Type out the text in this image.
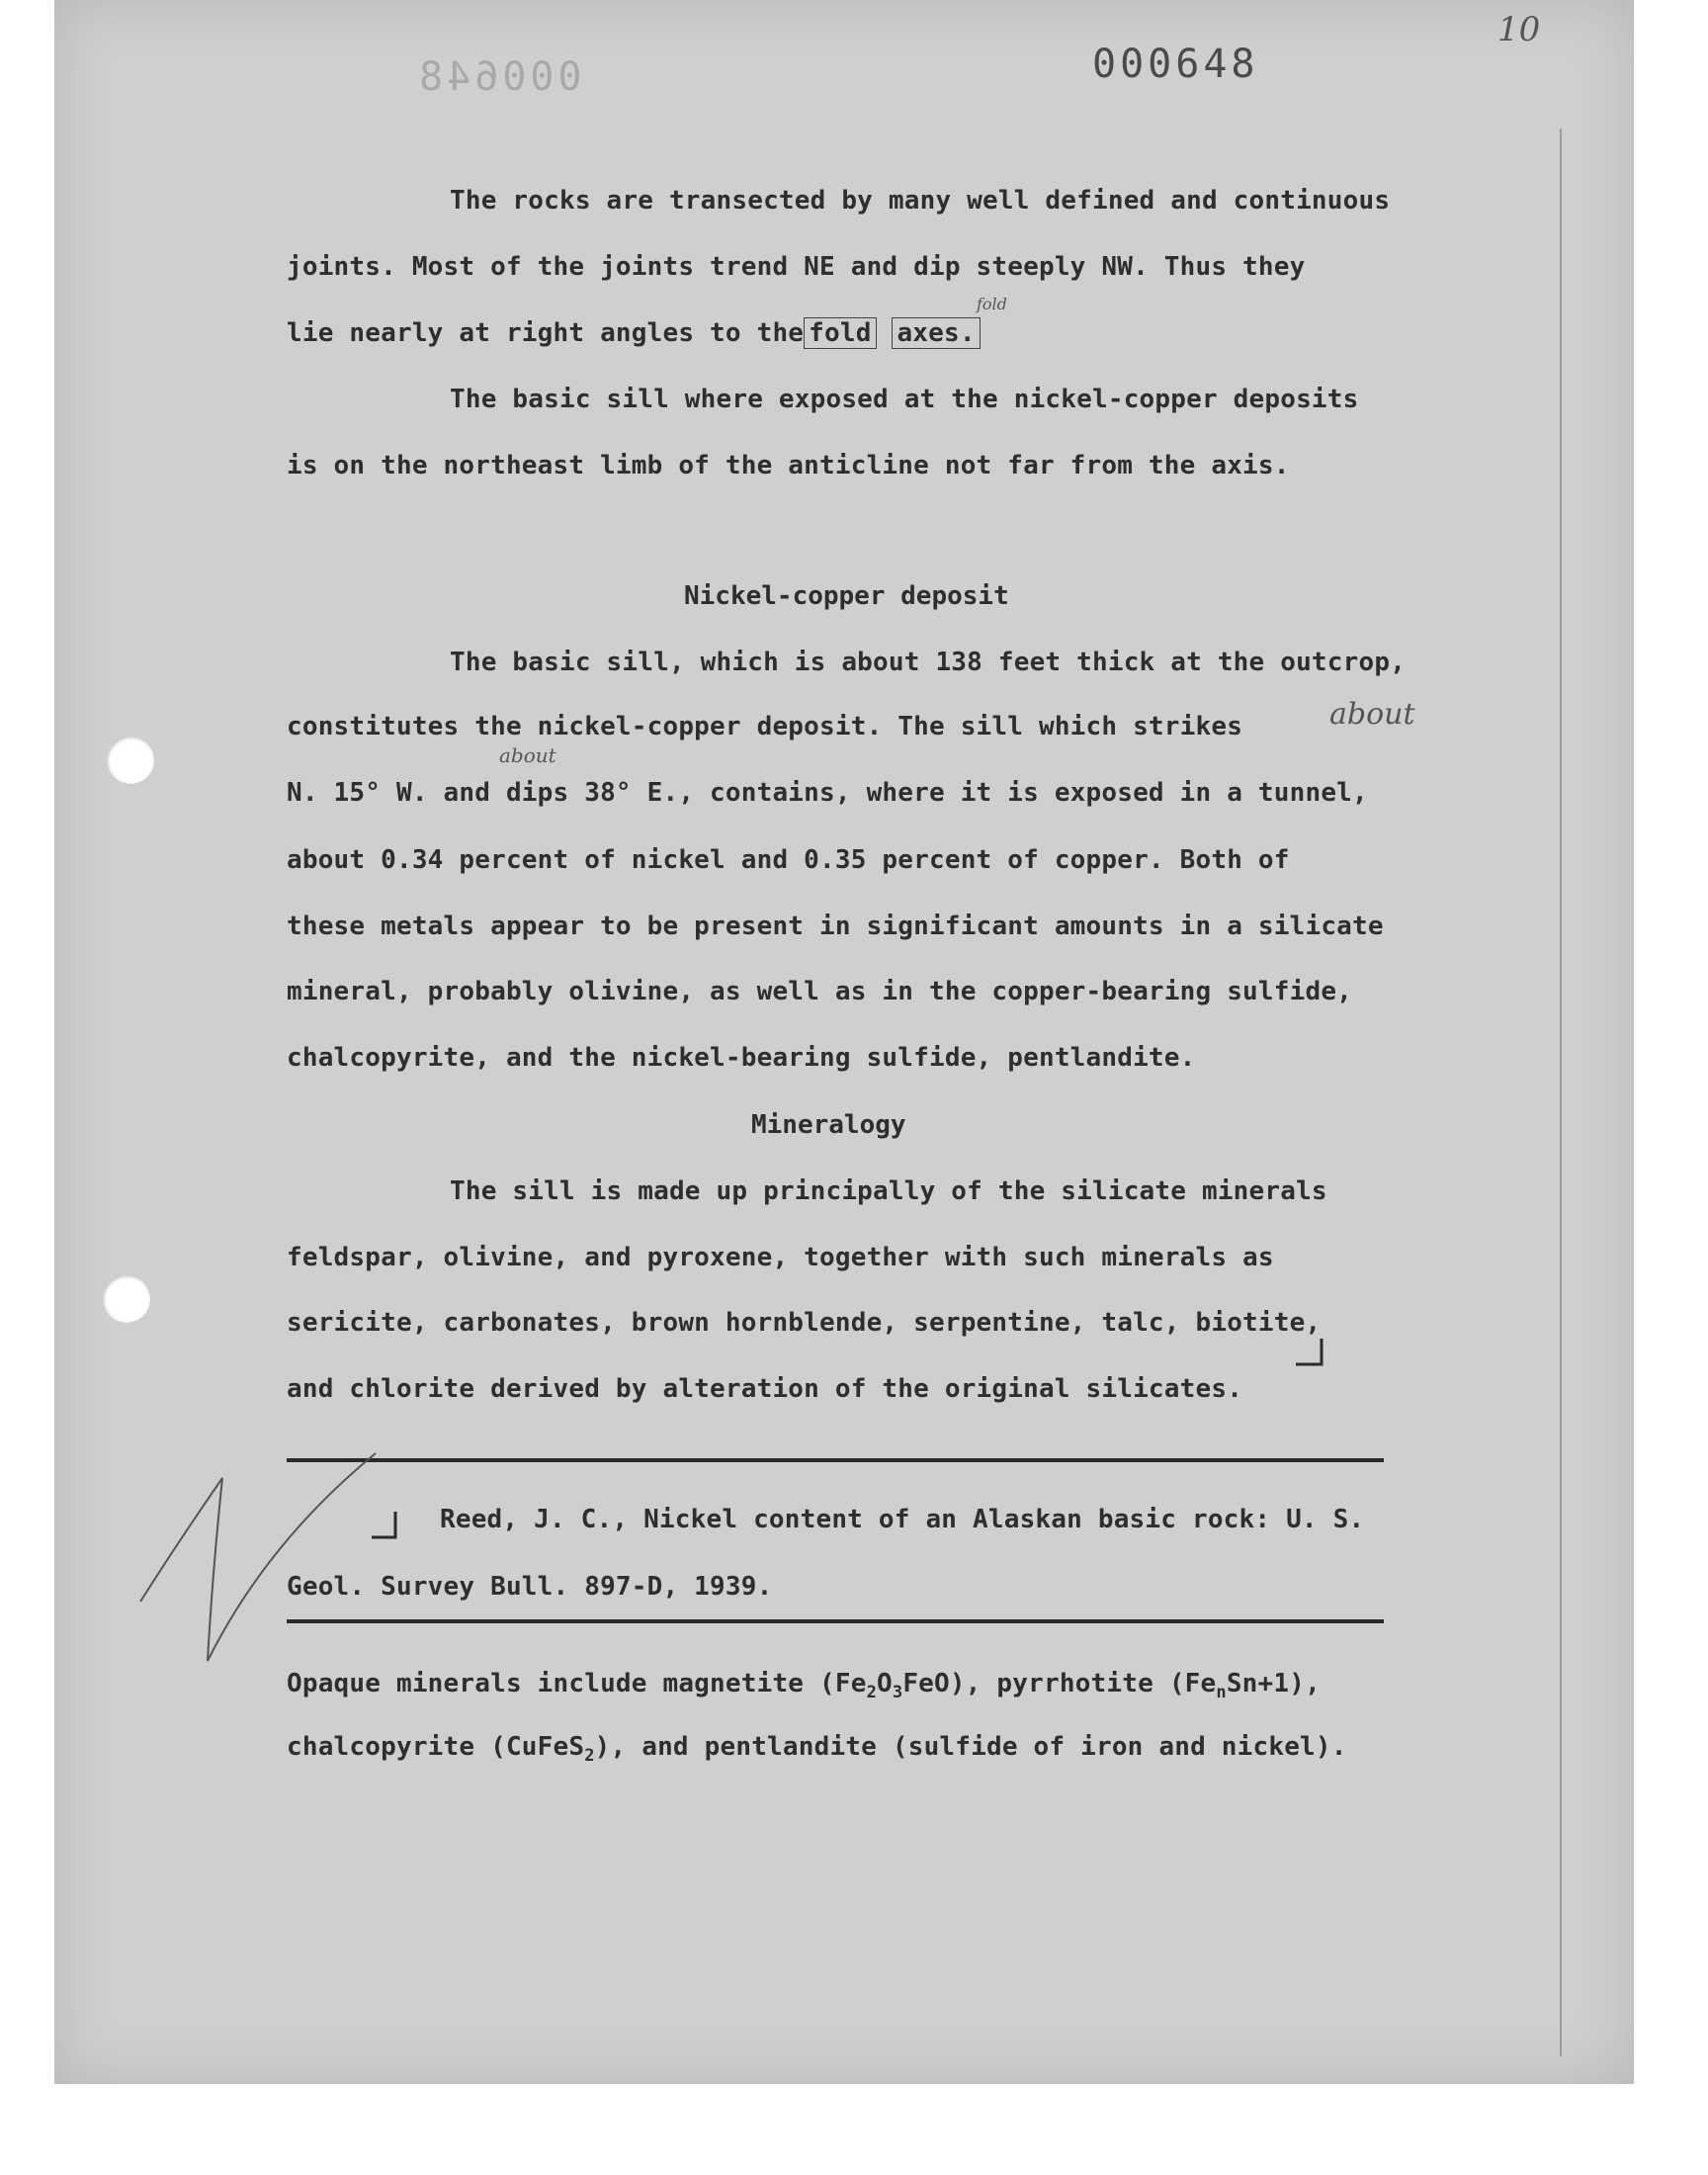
000648	000648
10
The rocks are transected by many well defined and continuous
joints. Most of the joints trend NE and dip steeply NW. Thus they
lie nearly at right angles to the fold axes.
fold
The basic sill where exposed at the nickel-copper deposits
is on the northeast limb of the anticline not far from the axis.
Nickel-copper deposit
The basic sill, which is about 138 feet thick at the outcrop,
constitutes the nickel-copper deposit. The sill which strikes	about
about
N. 15° W. and dips 38° E., contains, where it is exposed in a tunnel,
about 0.34 percent of nickel and 0.35 percent of copper. Both of
these metals appear to be present in significant amounts in a silicate
mineral, probably olivine, as well as in the copper-bearing sulfide,
chalcopyrite, and the nickel-bearing sulfide, pentlandite.
Mineralogy
The sill is made up principally of the silicate minerals
feldspar, olivine, and pyroxene, together with such minerals as
sericite, carbonates, brown hornblende, serpentine, talc, biotite,
and chlorite derived by alteration of the original silicates.
Reed, J. C., Nickel content of an Alaskan basic rock: U. S.
Geol. Survey Bull. 897-D, 1939.
Opaque minerals include magnetite $(Fe_2O_3FeO)$, pyrrhotite $(Fe_nSn+1)$,
chalcopyrite (CuFeS$_2$), and pentlandite (sulfide of iron and nickel).
